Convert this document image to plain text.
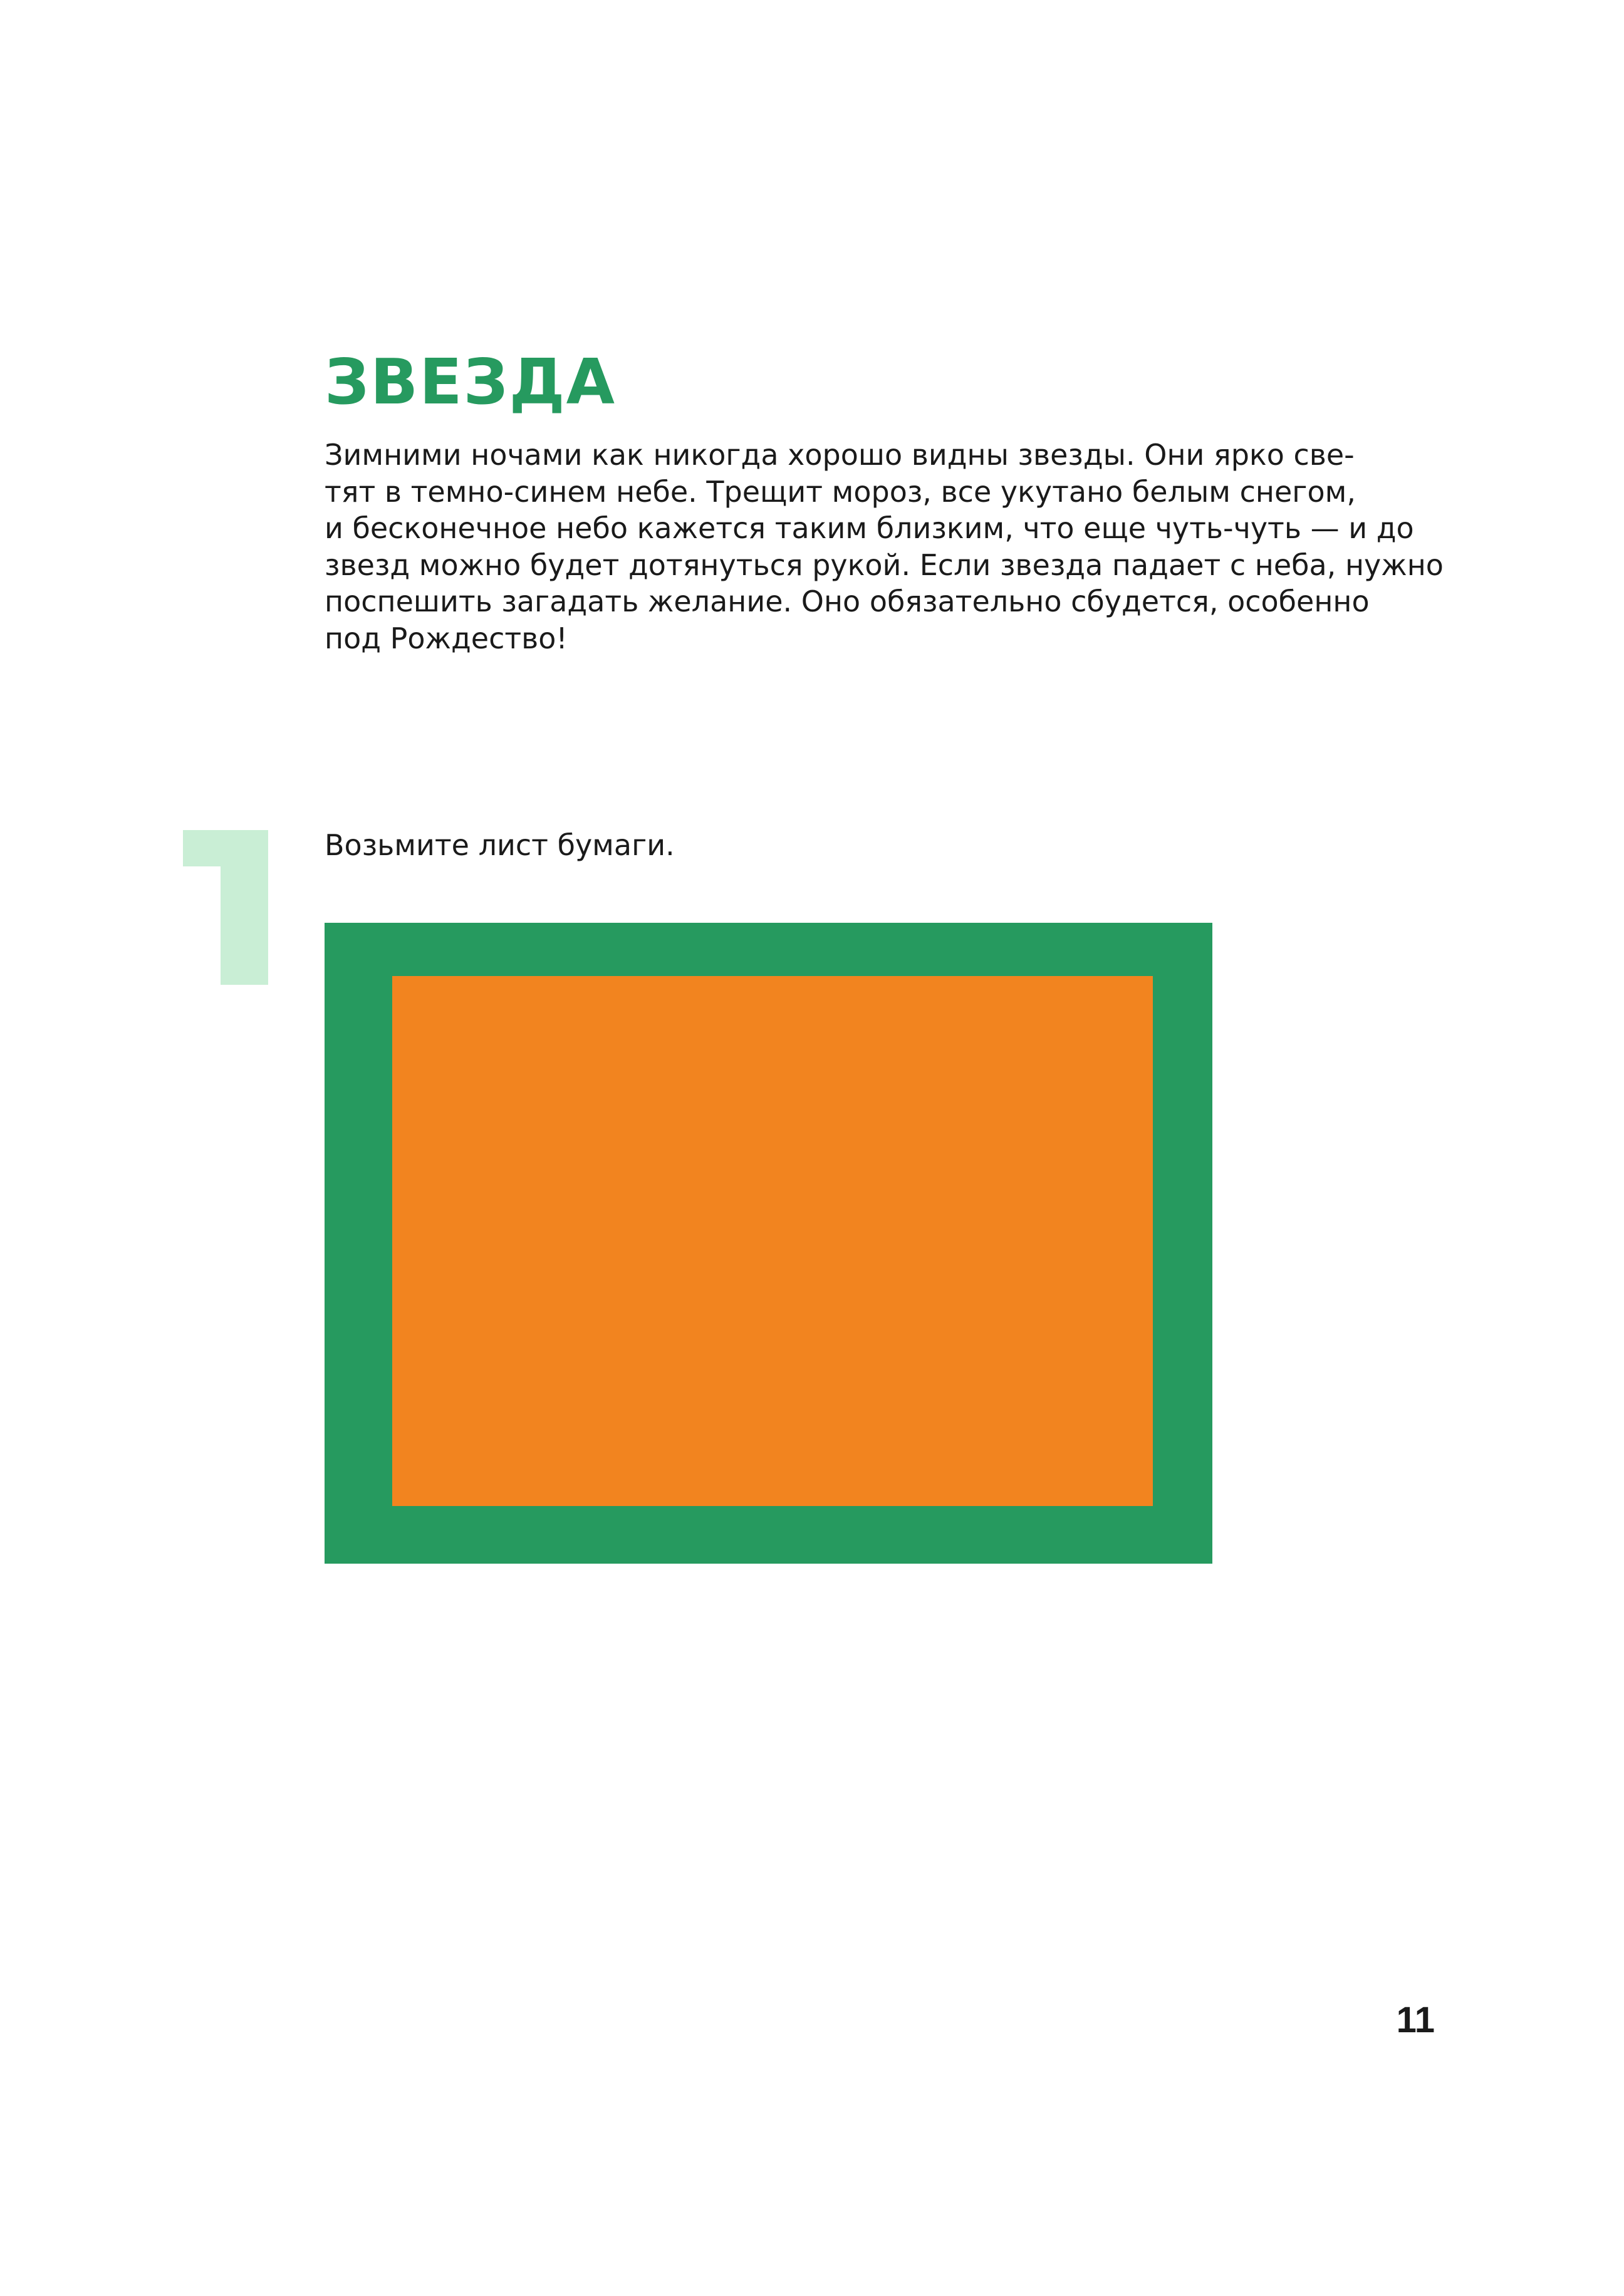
ЗВЕЗДА

Зимними ночами как никогда хорошо видны звезды. Они ярко све-
тят в темно-синем небе. Трещит мороз, все укутано белым снегом,
и бесконечное небо кажется таким близким, что еще чуть-чуть — и до
звезд можно будет дотянуться рукой. Если звезда падает с неба, нужно
поспешить загадать желание. Оно обязательно сбудется, особенно
под Рождество!

Возьмите лист бумаги.

11
